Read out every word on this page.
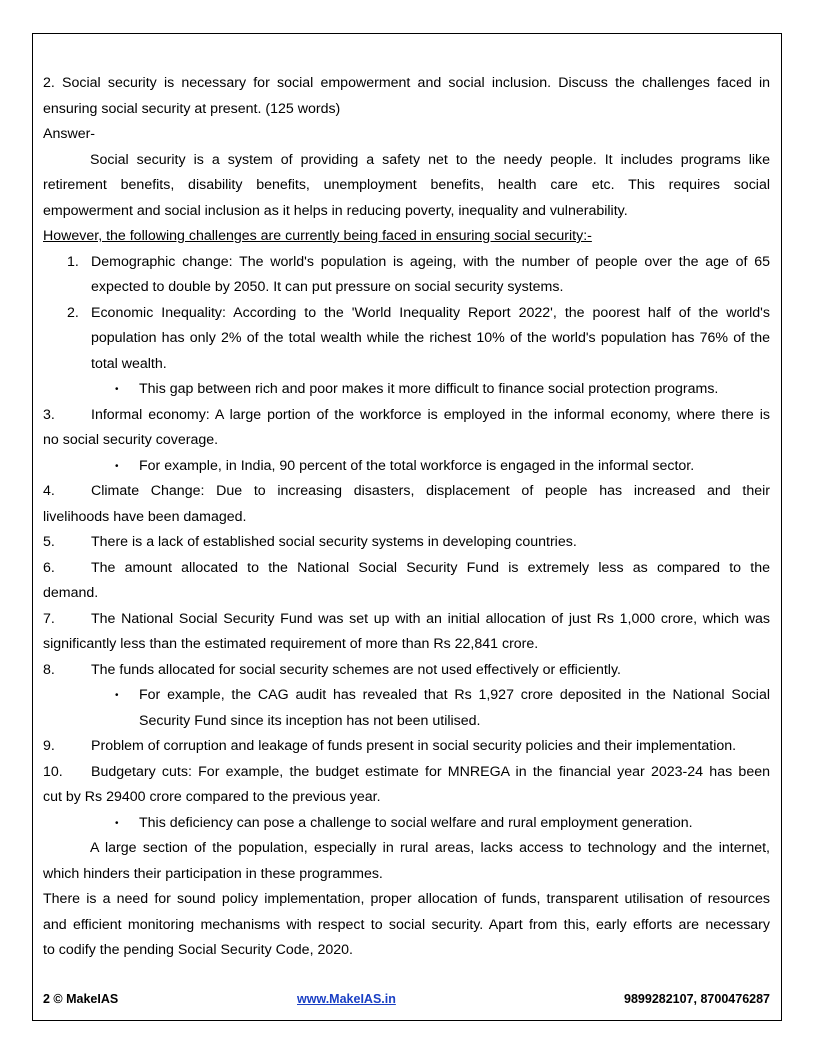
2. Social security is necessary for social empowerment and social inclusion. Discuss the challenges faced in
ensuring social security at present. (125 words)
Answer-
Social security is a system of providing a safety net to the needy people. It includes programs like
retirement benefits, disability benefits, unemployment benefits, health care etc. This requires social
empowerment and social inclusion as it helps in reducing poverty, inequality and vulnerability.
However, the following challenges are currently being faced in ensuring social security:-
1. Demographic change: The world's population is ageing, with the number of people over the age of 65
expected to double by 2050. It can put pressure on social security systems.
2. Economic Inequality: According to the 'World Inequality Report 2022', the poorest half of the world's
population has only 2% of the total wealth while the richest 10% of the world's population has 76% of the
total wealth.
•	This gap between rich and poor makes it more difficult to finance social protection programs.
3.	Informal economy: A large portion of the workforce is employed in the informal economy, where there is
no social security coverage.
•	For example, in India, 90 percent of the total workforce is engaged in the informal sector.
4.	Climate Change: Due to increasing disasters, displacement of people has increased and their
livelihoods have been damaged.
5.	There is a lack of established social security systems in developing countries.
6.	The amount allocated to the National Social Security Fund is extremely less as compared to the
demand.
7.	The National Social Security Fund was set up with an initial allocation of just Rs 1,000 crore, which was
significantly less than the estimated requirement of more than Rs 22,841 crore.
8.	The funds allocated for social security schemes are not used effectively or efficiently.
•	For example, the CAG audit has revealed that Rs 1,927 crore deposited in the National Social
Security Fund since its inception has not been utilised.
9.	Problem of corruption and leakage of funds present in social security policies and their implementation.
10.	Budgetary cuts: For example, the budget estimate for MNREGA in the financial year 2023-24 has been
cut by Rs 29400 crore compared to the previous year.
•	This deficiency can pose a challenge to social welfare and rural employment generation.
A large section of the population, especially in rural areas, lacks access to technology and the internet,
which hinders their participation in these programmes.
There is a need for sound policy implementation, proper allocation of funds, transparent utilisation of resources
and efficient monitoring mechanisms with respect to social security. Apart from this, early efforts are necessary
to codify the pending Social Security Code, 2020.
2 © MakeIAS	www.MakeIAS.in	9899282107, 8700476287
